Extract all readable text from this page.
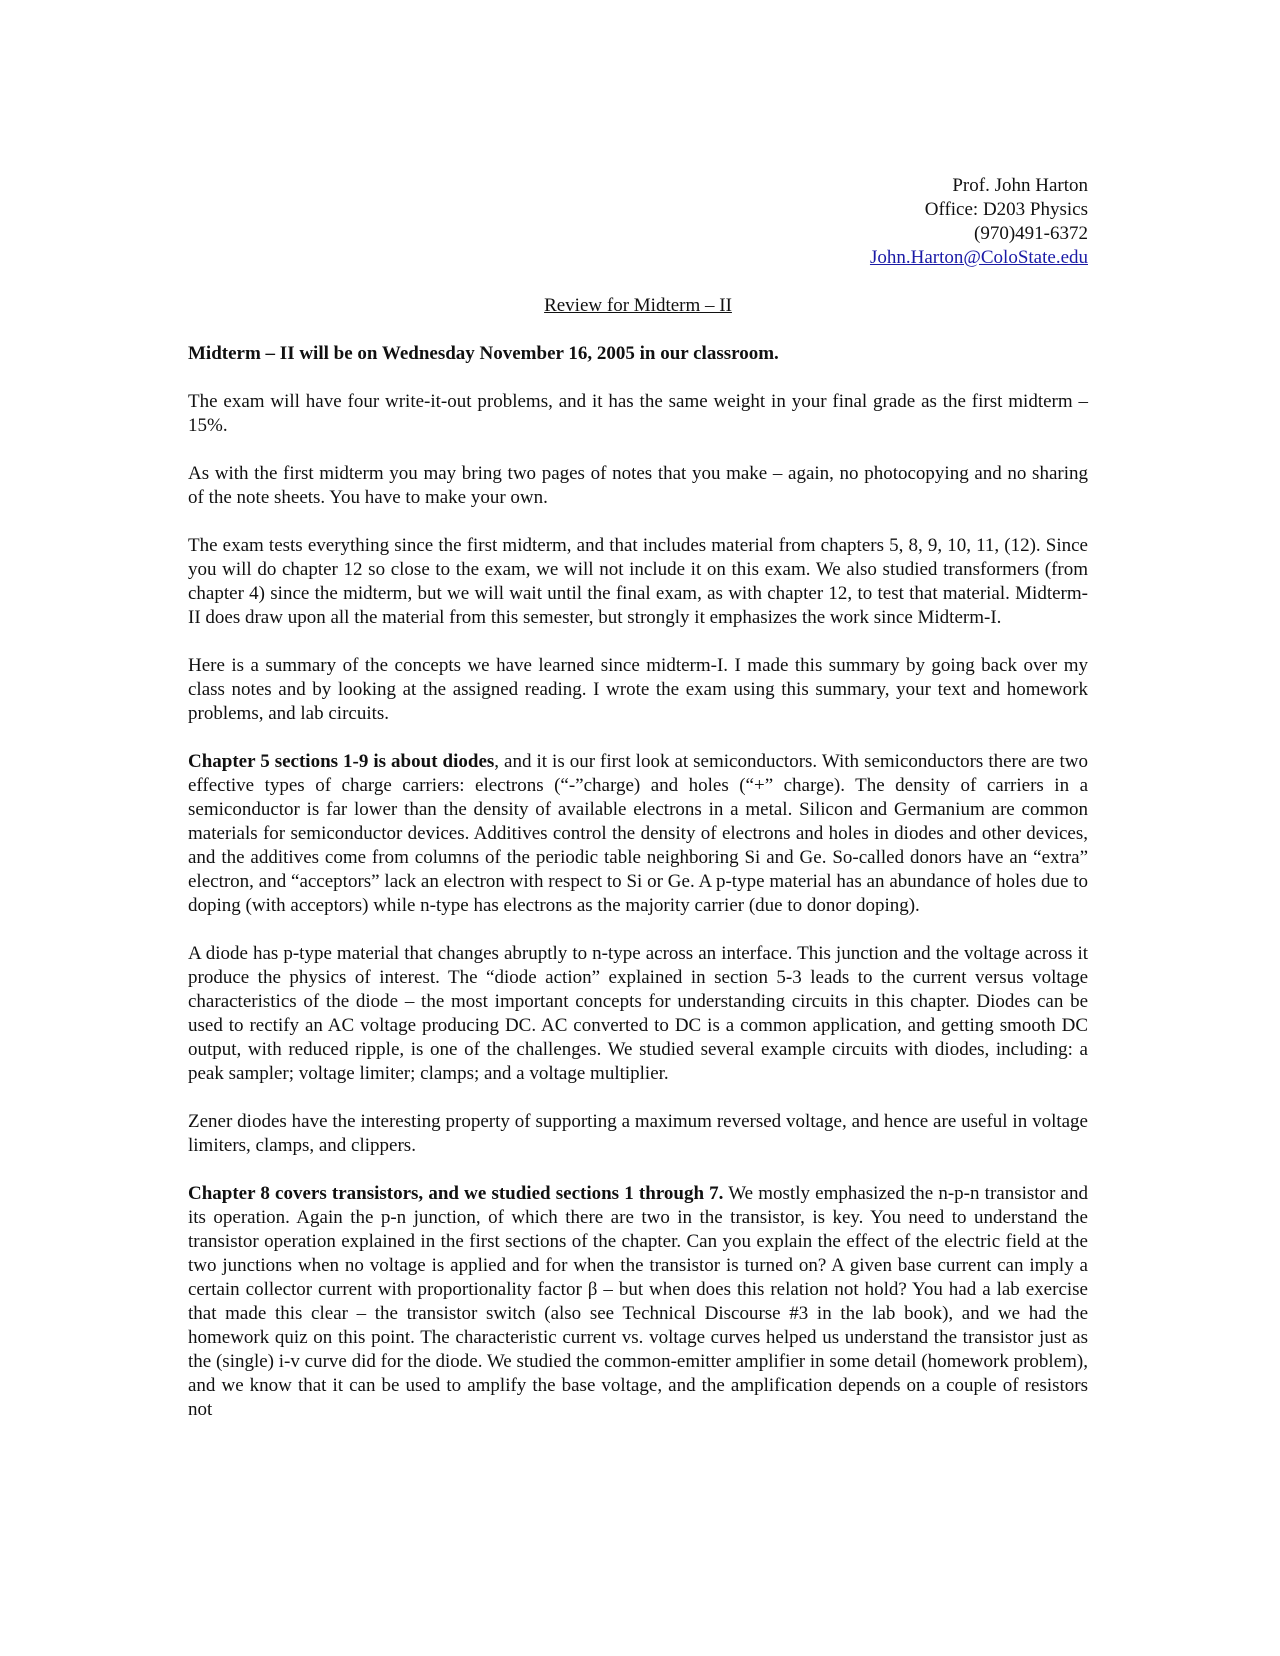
Prof. John Harton
Office: D203 Physics
(970)491-6372
John.Harton@ColoState.edu
Review for Midterm – II
Midterm – II will be on Wednesday November 16, 2005 in our classroom.

The exam will have four write-it-out problems, and it has the same weight in your final grade as the first midterm – 15%.

As with the first midterm you may bring two pages of notes that you make – again, no photocopying and no sharing of the note sheets. You have to make your own.

The exam tests everything since the first midterm, and that includes material from chapters 5, 8, 9, 10, 11, (12). Since you will do chapter 12 so close to the exam, we will not include it on this exam. We also studied transformers (from chapter 4) since the midterm, but we will wait until the final exam, as with chapter 12, to test that material. Midterm-II does draw upon all the material from this semester, but strongly it emphasizes the work since Midterm-I.

Here is a summary of the concepts we have learned since midterm-I. I made this summary by going back over my class notes and by looking at the assigned reading. I wrote the exam using this summary, your text and homework problems, and lab circuits.

Chapter 5 sections 1-9 is about diodes, and it is our first look at semiconductors. With semiconductors there are two effective types of charge carriers: electrons (“-”charge) and holes (“+” charge). The density of carriers in a semiconductor is far lower than the density of available electrons in a metal. Silicon and Germanium are common materials for semiconductor devices. Additives control the density of electrons and holes in diodes and other devices, and the additives come from columns of the periodic table neighboring Si and Ge. So-called donors have an “extra” electron, and “acceptors” lack an electron with respect to Si or Ge. A p-type material has an abundance of holes due to doping (with acceptors) while n-type has electrons as the majority carrier (due to donor doping).

A diode has p-type material that changes abruptly to n-type across an interface. This junction and the voltage across it produce the physics of interest. The “diode action” explained in section 5-3 leads to the current versus voltage characteristics of the diode – the most important concepts for understanding circuits in this chapter. Diodes can be used to rectify an AC voltage producing DC. AC converted to DC is a common application, and getting smooth DC output, with reduced ripple, is one of the challenges. We studied several example circuits with diodes, including: a peak sampler; voltage limiter; clamps; and a voltage multiplier.

Zener diodes have the interesting property of supporting a maximum reversed voltage, and hence are useful in voltage limiters, clamps, and clippers.

Chapter 8 covers transistors, and we studied sections 1 through 7. We mostly emphasized the n-p-n transistor and its operation. Again the p-n junction, of which there are two in the transistor, is key. You need to understand the transistor operation explained in the first sections of the chapter. Can you explain the effect of the electric field at the two junctions when no voltage is applied and for when the transistor is turned on? A given base current can imply a certain collector current with proportionality factor β – but when does this relation not hold? You had a lab exercise that made this clear – the transistor switch (also see Technical Discourse #3 in the lab book), and we had the homework quiz on this point. The characteristic current vs. voltage curves helped us understand the transistor just as the (single) i-v curve did for the diode. We studied the common-emitter amplifier in some detail (homework problem), and we know that it can be used to amplify the base voltage, and the amplification depends on a couple of resistors not
